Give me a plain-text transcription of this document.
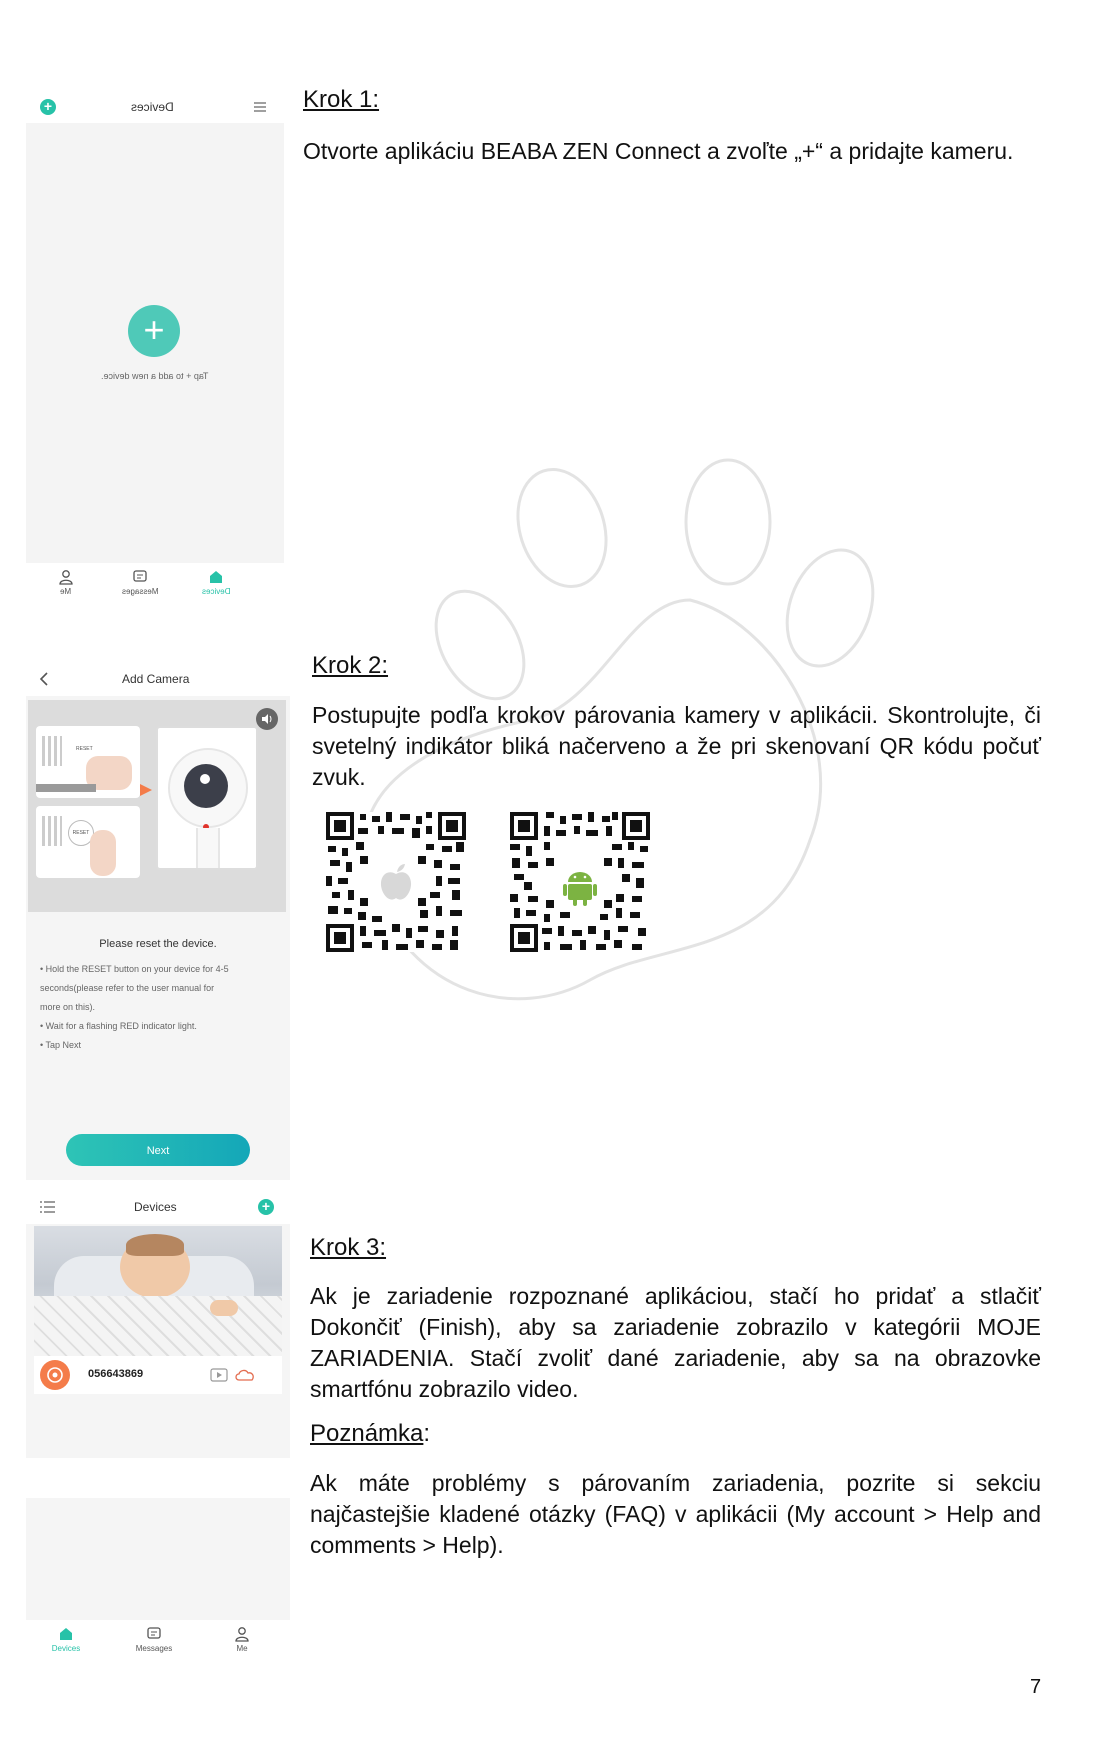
+	Devices
+
Tap + to add a new device.
Me	Messages	Devices
Krok 1:
Otvorte aplikáciu BEABA ZEN Connect a zvoľte „+“ a pridajte kameru.
Add Camera
RESET
RESET
Please reset the device.
• Hold the RESET button on your device for 4-5
seconds(please refer to the user manual for
more on this).
• Wait for a flashing RED indicator light.
• Tap Next
Next
Krok 2:
Postupujte podľa krokov párovania kamery v aplikácii. Skontrolujte, či svetelný indikátor bliká načerveno a že pri skenovaní QR kódu počuť zvuk.
Devices	+
056643869
Devices	Messages	Me
Krok 3:
Ak je zariadenie rozpoznané aplikáciou, stačí ho pridať a stlačiť Dokončiť (Finish), aby sa zariadenie zobrazilo v kategórii MOJE ZARIADENIA. Stačí zvoliť dané zariadenie, aby sa na obrazovke smartfónu zobrazilo video.
Poznámka:
Ak máte problémy s párovaním zariadenia, pozrite si sekciu najčastejšie kladené otázky (FAQ) v aplikácii (My account > Help and comments > Help).
7
